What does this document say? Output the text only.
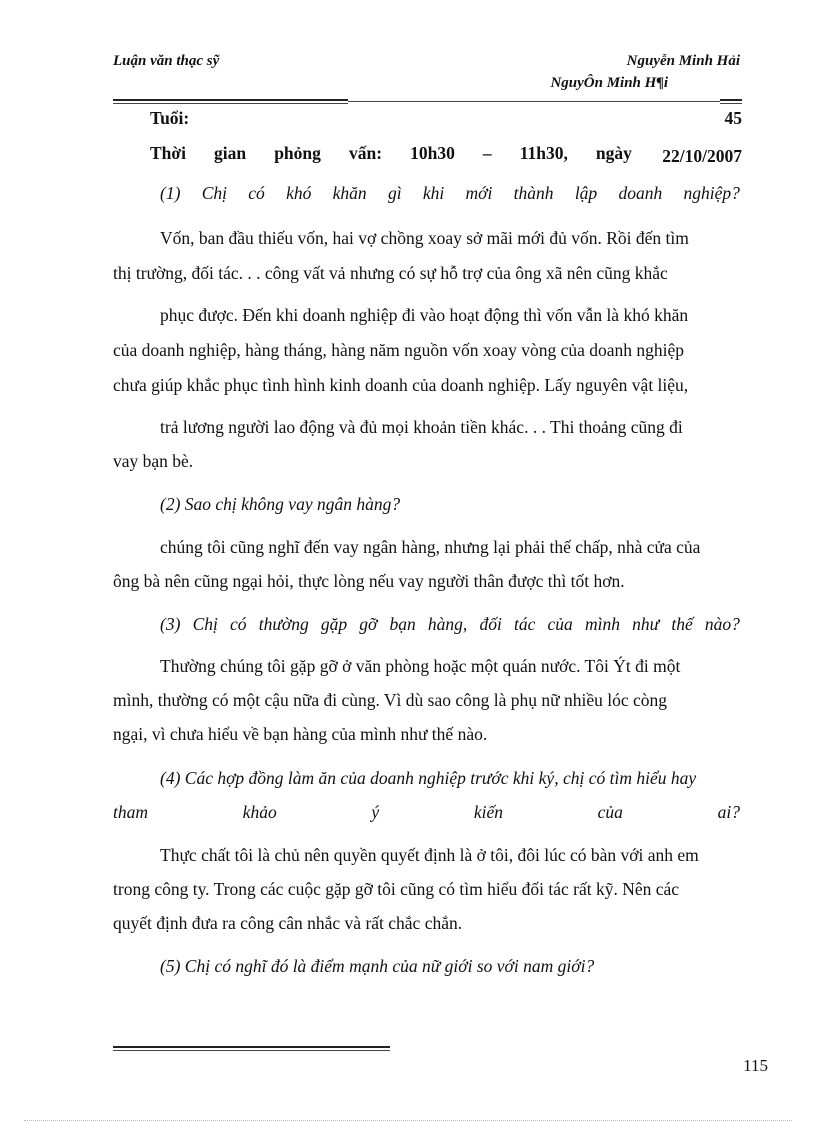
Luận văn thạc sỹ	Nguyễn Minh Hải
NguyÔn Minh H¶i
Tuổi:	45
Thời gian phỏng vấn: 10h30 – 11h30, ngày 22/10/2007
(1) Chị có khó khăn gì khi mới thành lập doanh nghiệp?
Vốn, ban đầu thiếu vốn, hai vợ chồng xoay sở mãi mới đủ vốn. Rồi đến tìm
thị trường, đối tác. . . công vất vả nhưng có sự hỗ trợ của ông xã nên cũng khắc
phục được. Đến khi doanh nghiệp đi vào hoạt động thì vốn vẫn là khó khăn
của doanh nghiệp, hàng tháng, hàng năm nguồn vốn xoay vòng của doanh nghiệp
chưa giúp khắc phục tình hình kinh doanh của doanh nghiệp. Lấy nguyên vật liệu,
trả lương người lao động và đủ mọi khoản tiền khác. . . Thi thoảng cũng đi
vay bạn bè.
(2) Sao chị không vay ngân hàng?
chúng tôi cũng nghĩ đến vay ngân hàng, nhưng lại phải thế chấp, nhà cửa của
ông bà nên cũng ngại hỏi, thực lòng nếu vay người thân được thì tốt hơn.
(3) Chị có thường gặp gỡ bạn hàng, đối tác của mình như thế nào?
Thường chúng tôi gặp gỡ ở văn phòng hoặc một quán nước. Tôi Ýt đi một
mình, thường có một cậu nữa đi cùng. Vì dù sao công là phụ nữ nhiều lóc còng
ngại, vì chưa hiểu về bạn hàng của mình như thế nào.
(4) Các hợp đồng làm ăn của doanh nghiệp trước khi ký, chị có tìm hiểu hay
tham	khảo	ý	kiến	của	ai?
Thực chất tôi là chủ nên quyền quyết định là ở tôi, đôi lúc có bàn với anh em
trong công ty. Trong các cuộc gặp gỡ tôi cũng có tìm hiểu đối tác rất kỹ. Nên các
quyết định đưa ra công cân nhắc và rất chắc chắn.
(5) Chị có nghĩ đó là điểm mạnh của nữ giới so với nam giới?
115
